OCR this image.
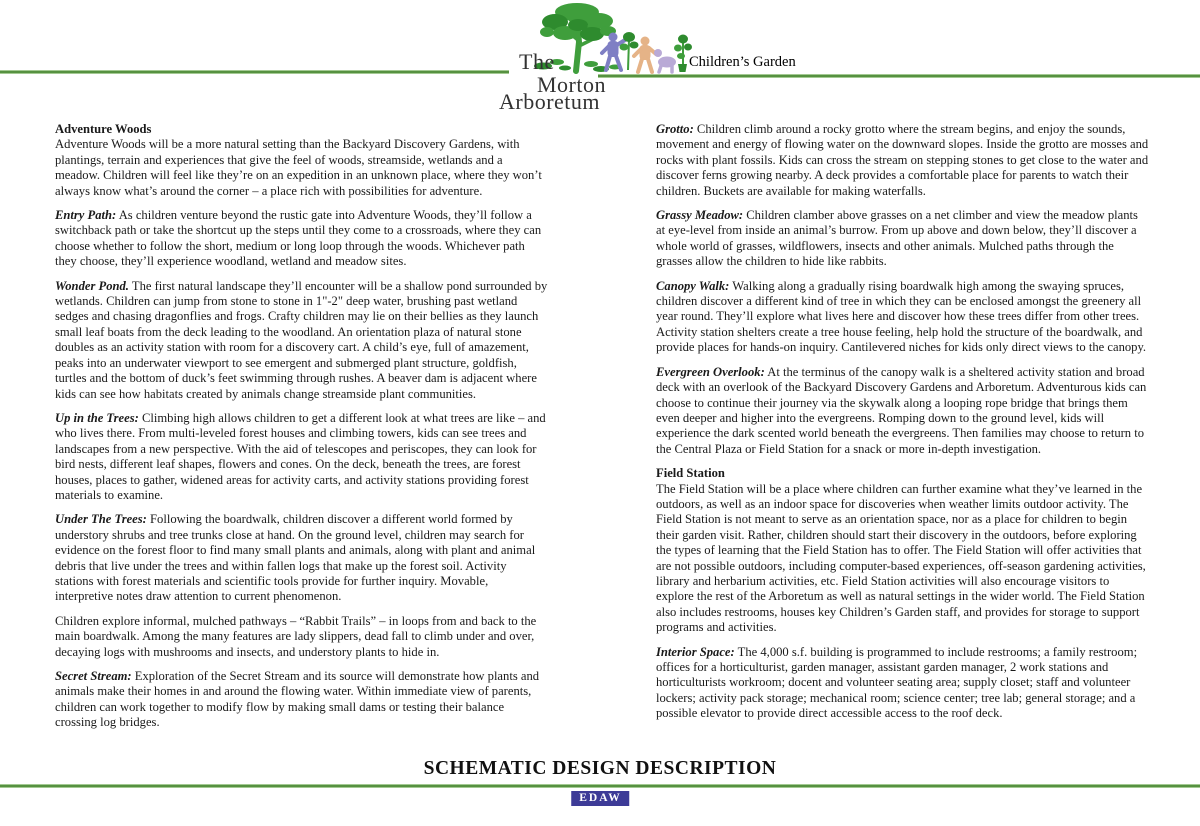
The
Morton
Arboretum
Children’s Garden

Adventure Woods

Adventure Woods will be a more natural setting than the Backyard Discovery Gardens, with plantings, terrain and experiences that give the feel of woods, streamside, wetlands and a meadow. Children will feel like they’re on an expedition in an unknown place, where they won’t always know what’s around the corner – a place rich with possibilities for adventure.

Entry Path: As children venture beyond the rustic gate into Adventure Woods, they’ll follow a switchback path or take the shortcut up the steps until they come to a crossroads, where they can choose whether to follow the short, medium or long loop through the woods. Whichever path they choose, they’ll experience woodland, wetland and meadow sites.

Wonder Pond. The first natural landscape they’ll encounter will be a shallow pond surrounded by wetlands. Children can jump from stone to stone in 1"-2" deep water, brushing past wetland sedges and chasing dragonflies and frogs. Crafty children may lie on their bellies as they launch small leaf boats from the deck leading to the woodland. An orientation plaza of natural stone doubles as an activity station with room for a discovery cart. A child’s eye, full of amazement, peaks into an underwater viewport to see emergent and submerged plant structure, goldfish, turtles and the bottom of duck’s feet swimming through rushes. A beaver dam is adjacent where kids can see how habitats created by animals change streamside plant communities.

Up in the Trees: Climbing high allows children to get a different look at what trees are like – and who lives there. From multi-leveled forest houses and climbing towers, kids can see trees and landscapes from a new perspective. With the aid of telescopes and periscopes, they can look for bird nests, different leaf shapes, flowers and cones. On the deck, beneath the trees, are forest houses, places to gather, widened areas for activity carts, and activity stations providing forest materials to examine.

Under The Trees: Following the boardwalk, children discover a different world formed by understory shrubs and tree trunks close at hand. On the ground level, children may search for evidence on the forest floor to find many small plants and animals, along with plant and animal debris that live under the trees and within fallen logs that make up the forest soil. Activity stations with forest materials and scientific tools provide for further inquiry. Movable, interpretive notes draw attention to current phenomenon.

Children explore informal, mulched pathways – “Rabbit Trails” – in loops from and back to the main boardwalk. Among the many features are lady slippers, dead fall to climb under and over, decaying logs with mushrooms and insects, and understory plants to hide in.

Secret Stream: Exploration of the Secret Stream and its source will demonstrate how plants and animals make their homes in and around the flowing water. Within immediate view of parents, children can work together to modify flow by making small dams or testing their balance crossing log bridges.

Grotto: Children climb around a rocky grotto where the stream begins, and enjoy the sounds, movement and energy of flowing water on the downward slopes. Inside the grotto are mosses and rocks with plant fossils. Kids can cross the stream on stepping stones to get close to the water and discover ferns growing nearby. A deck provides a comfortable place for parents to watch their children. Buckets are available for making waterfalls.

Grassy Meadow: Children clamber above grasses on a net climber and view the meadow plants at eye-level from inside an animal’s burrow. From up above and down below, they’ll discover a whole world of grasses, wildflowers, insects and other animals. Mulched paths through the grasses allow the children to hide like rabbits.

Canopy Walk: Walking along a gradually rising boardwalk high among the swaying spruces, children discover a different kind of tree in which they can be enclosed amongst the greenery all year round. They’ll explore what lives here and discover how these trees differ from other trees. Activity station shelters create a tree house feeling, help hold the structure of the boardwalk, and provide places for hands-on inquiry. Cantilevered niches for kids only direct views to the canopy.

Evergreen Overlook: At the terminus of the canopy walk is a sheltered activity station and broad deck with an overlook of the Backyard Discovery Gardens and Arboretum. Adventurous kids can choose to continue their journey via the skywalk along a looping rope bridge that brings them even deeper and higher into the evergreens. Romping down to the ground level, kids will experience the dark scented world beneath the evergreens. Then families may choose to return to the Central Plaza or Field Station for a snack or more in-depth investigation.

Field Station

The Field Station will be a place where children can further examine what they’ve learned in the outdoors, as well as an indoor space for discoveries when weather limits outdoor activity. The Field Station is not meant to serve as an orientation space, nor as a place for children to begin their garden visit. Rather, children should start their discovery in the outdoors, before exploring the types of learning that the Field Station has to offer. The Field Station will offer activities that are not possible outdoors, including computer-based experiences, off-season gardening activities, library and herbarium activities, etc. Field Station activities will also encourage visitors to explore the rest of the Arboretum as well as natural settings in the wider world. The Field Station also includes restrooms, houses key Children’s Garden staff, and provides for storage to support programs and activities.

Interior Space: The 4,000 s.f. building is programmed to include restrooms; a family restroom; offices for a horticulturist, garden manager, assistant garden manager, 2 work stations and horticulturists workroom; docent and volunteer seating area; supply closet; staff and volunteer lockers; activity pack storage; mechanical room; science center; tree lab; general storage; and a possible elevator to provide direct accessible access to the roof deck.

SCHEMATIC DESIGN DESCRIPTION
EDAW
